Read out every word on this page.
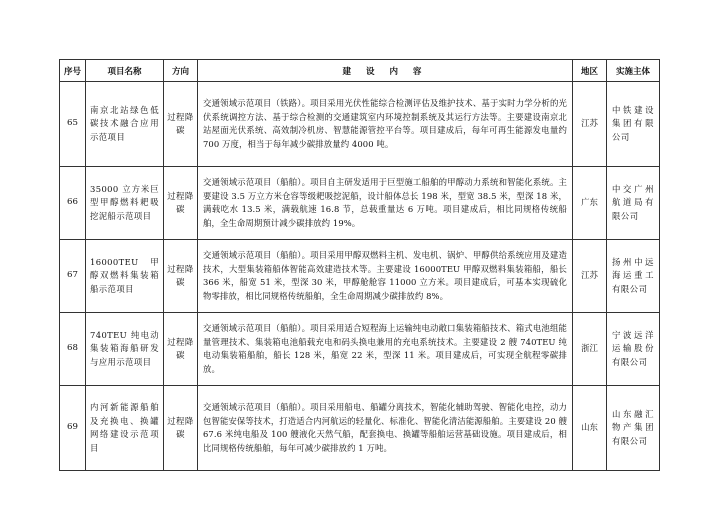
序号	项目名称	方向	建 设 内 容	地区	实施主体
65	南京北站绿色低碳技术融合应用示范项目	过程降碳	交通领域示范项目（铁路）。项目采用光伏性能综合检测评估及维护技术、基于实时力学分析的光伏系统调控方法、基于综合检测的交通建筑室内环境控制系统及其运行方法等。主要建设南京北站屋面光伏系统、高效制冷机房、智慧能源管控平台等。项目建成后，每年可再生能源发电量约 700 万度，相当于每年减少碳排放量约 4000 吨。	江苏	中铁建设集团有限公司
66	35000 立方米巨型甲醇燃料耙吸挖泥船示范项目	过程降碳	交通领域示范项目（船舶）。项目自主研发适用于巨型施工船舶的甲醇动力系统和智能化系统。主要建设 3.5 万立方米仓容等级耙吸挖泥船，设计船体总长 198 米，型宽 38.5 米，型深 18 米，满载吃水 13.5 米，满载航速 16.8 节，总载重量达 6 万吨。项目建成后，相比同规格传统船舶，全生命周期预计减少碳排放约 19%。	广东	中交广州航道局有限公司
67	16000TEU 甲醇双燃料集装箱船示范项目	过程降碳	交通领域示范项目（船舶）。项目采用甲醇双燃料主机、发电机、锅炉、甲醇供给系统应用及建造技术，大型集装箱船体智能高效建造技术等。主要建设 16000TEU 甲醇双燃料集装箱船，船长 366 米，船宽 51 米，型深 30 米，甲醇舱舱容 11000 立方米。项目建成后，可基本实现硫化物零排放，相比同规格传统船舶，全生命周期减少碳排放约 8%。	江苏	扬州中远海运重工有限公司
68	740TEU 纯电动集装箱海船研发与应用示范项目	过程降碳	交通领域示范项目（船舶）。项目采用适合短程海上运输纯电动敞口集装箱船技术、箱式电池组能量管理技术、集装箱电池船载充电和码头换电兼用的充电系统技术。主要建设 2 艘 740TEU 纯电动集装箱船舶，船长 128 米，船宽 22 米，型深 11 米。项目建成后，可实现全航程零碳排放。	浙江	宁波远洋运输股份有限公司
69	内河新能源船舶及充换电、换罐网络建设示范项目	过程降碳	交通领域示范项目（船舶）。项目采用船电、船罐分离技术，智能化辅助驾驶、智能化电控，动力包智能安保等技术，打造适合内河航运的轻量化、标准化、智能化清洁能源船舶。主要建设 20 艘 67.6 米纯电船及 100 艘液化天然气船，配套换电、换罐等船舶运营基础设施。项目建成后，相比同规格传统船舶，每年可减少碳排放约 1 万吨。	山东	山东融汇物产集团有限公司
